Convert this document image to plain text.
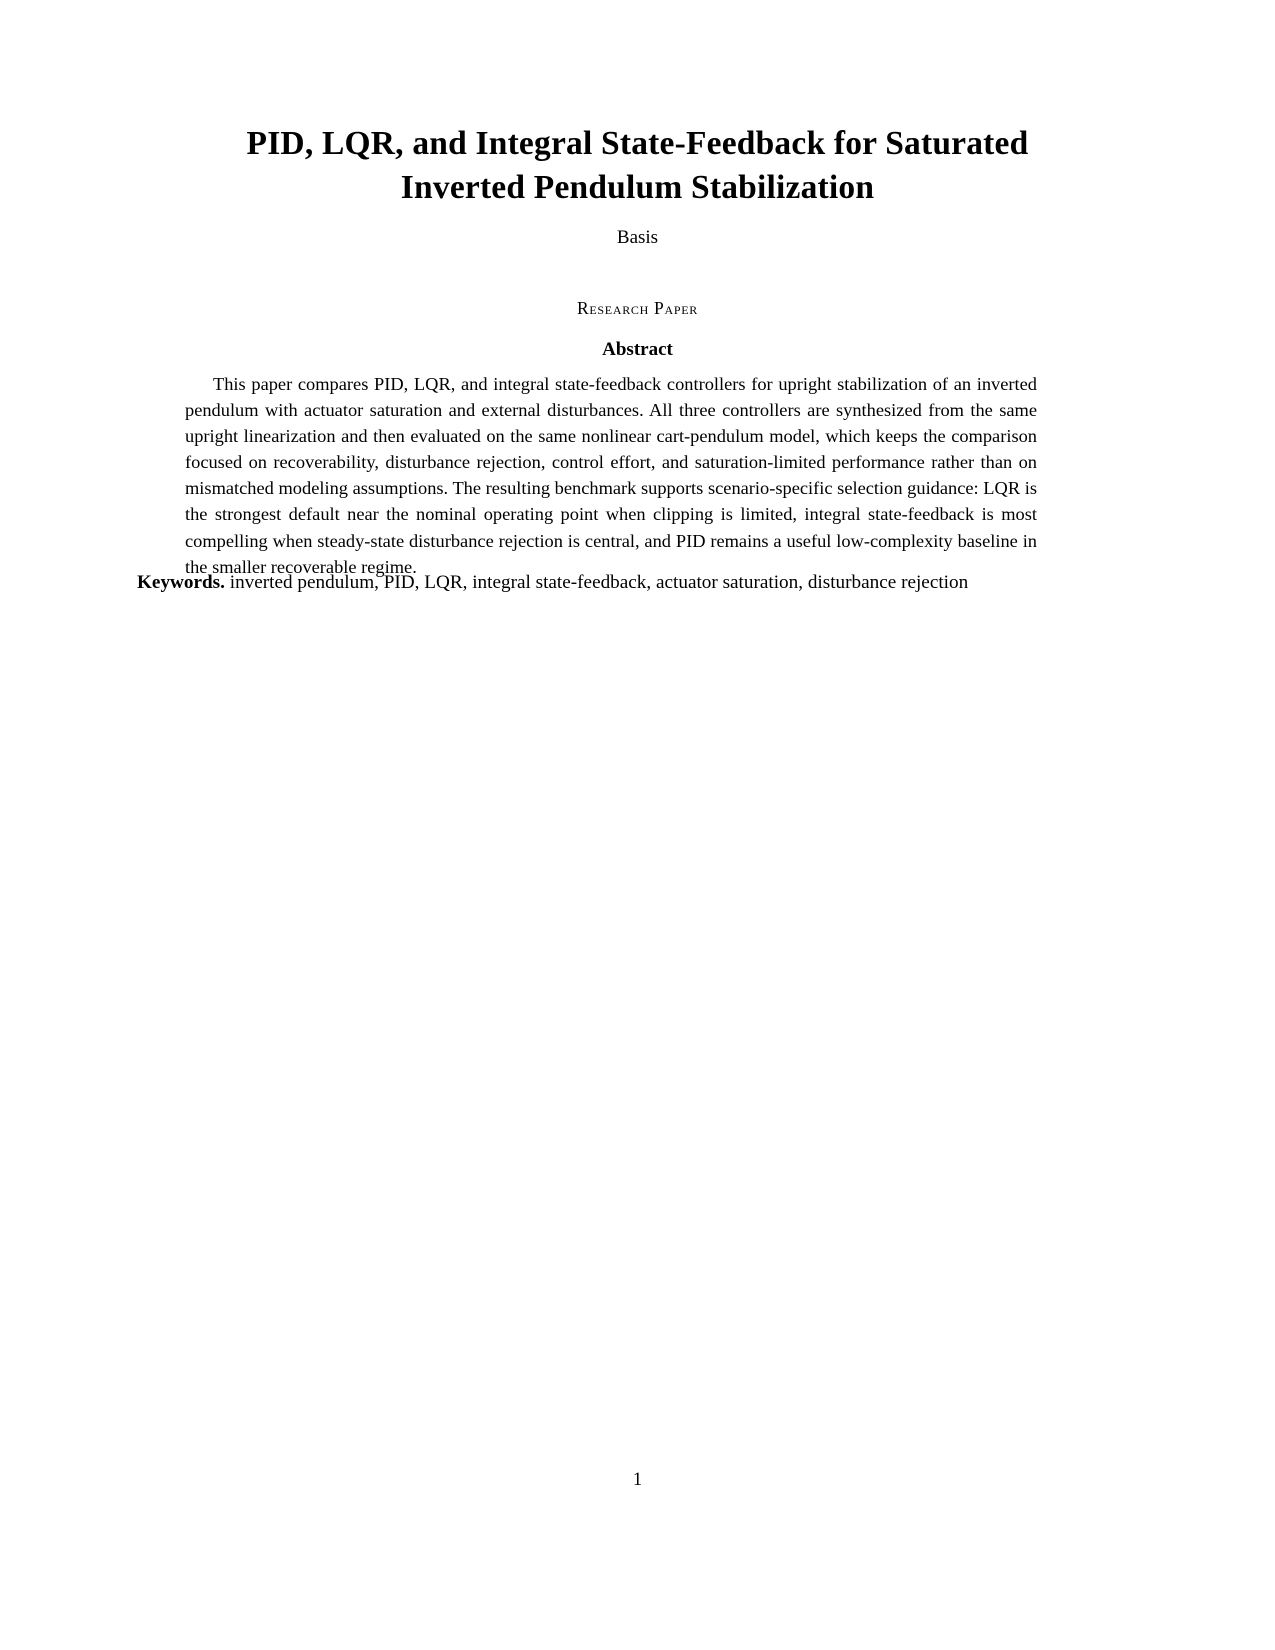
PID, LQR, and Integral State-Feedback for Saturated Inverted Pendulum Stabilization
Basis
Research Paper
Abstract
This paper compares PID, LQR, and integral state-feedback controllers for upright stabilization of an inverted pendulum with actuator saturation and external disturbances. All three controllers are synthesized from the same upright linearization and then evaluated on the same nonlinear cart-pendulum model, which keeps the comparison focused on recoverability, disturbance rejection, control effort, and saturation-limited performance rather than on mismatched modeling assumptions. The resulting benchmark supports scenario-specific selection guidance: LQR is the strongest default near the nominal operating point when clipping is limited, integral state-feedback is most compelling when steady-state disturbance rejection is central, and PID remains a useful low-complexity baseline in the smaller recoverable regime.
Keywords. inverted pendulum, PID, LQR, integral state-feedback, actuator saturation, disturbance rejection
1
